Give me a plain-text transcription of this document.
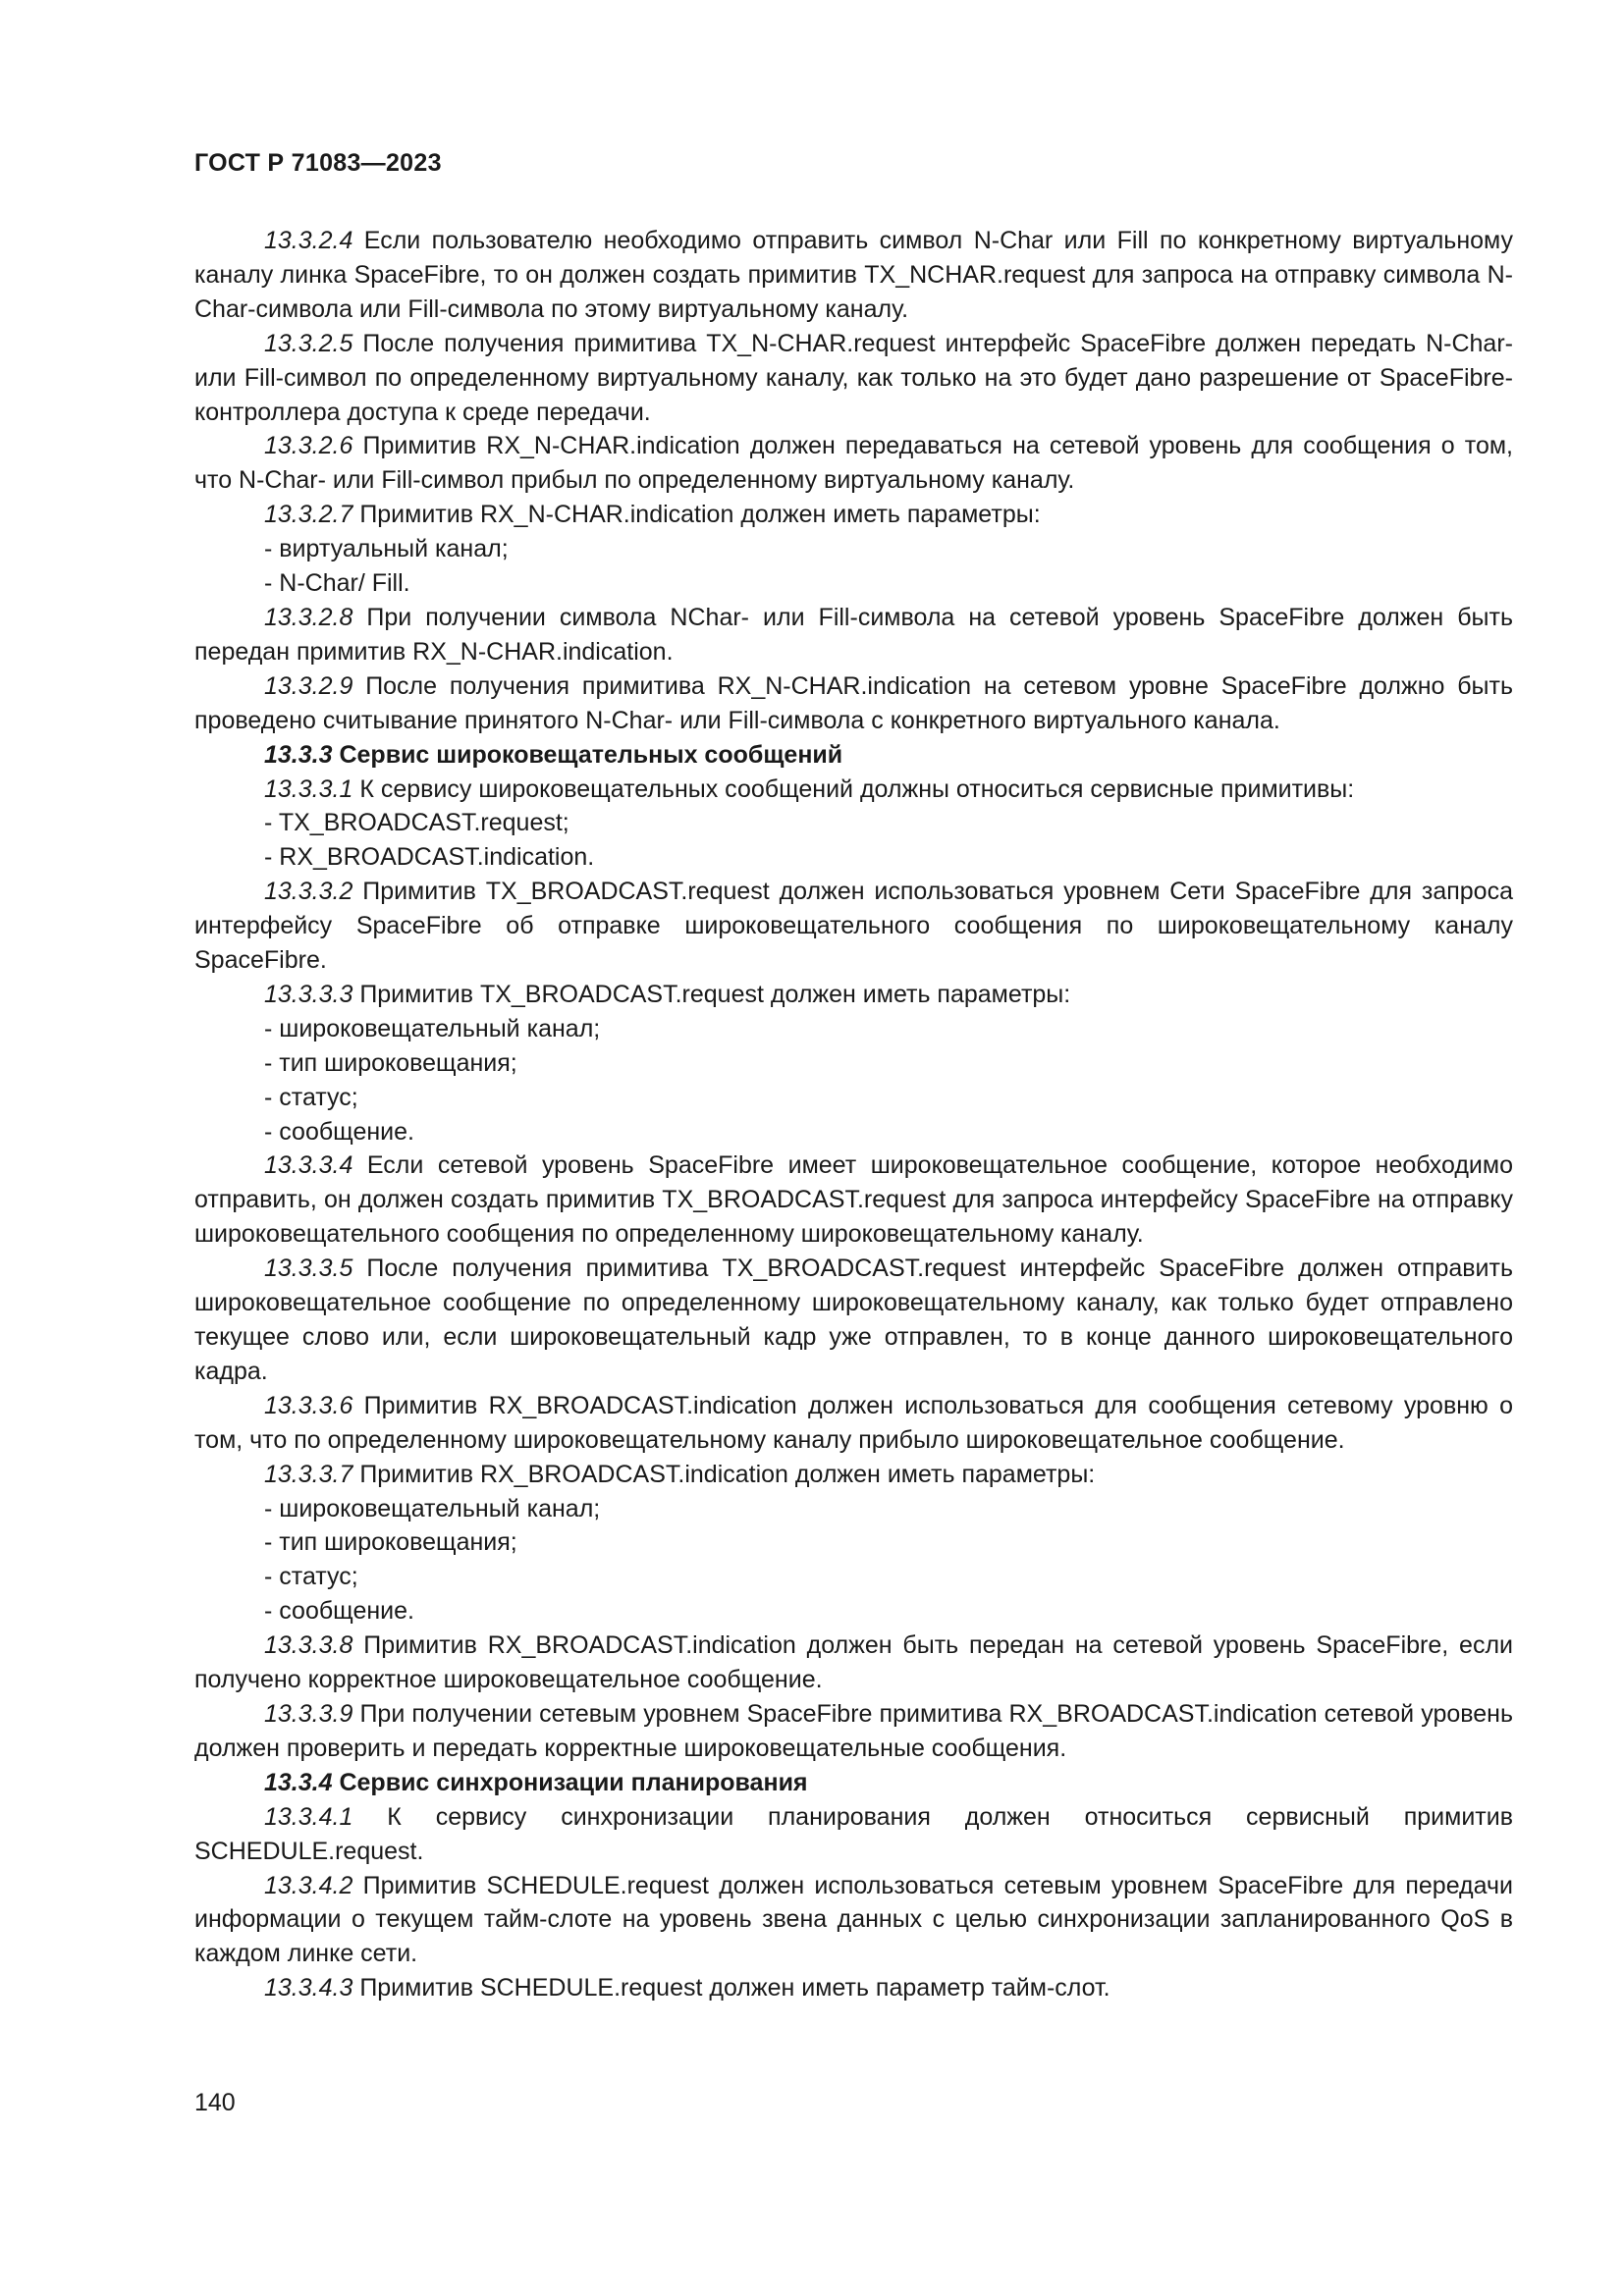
ГОСТ Р 71083—2023

13.3.2.4 Если пользователю необходимо отправить символ N-Char или Fill по конкретному виртуальному каналу линка SpaceFibre, то он должен создать примитив TX_NCHAR.request для запроса на отправку символа N-Char-символа или Fill-символа по этому виртуальному каналу.

13.3.2.5 После получения примитива TX_N-CHAR.request интерфейс SpaceFibre должен передать N-Char- или Fill-символ по определенному виртуальному каналу, как только на это будет дано разрешение от SpaceFibre-контроллера доступа к среде передачи.

13.3.2.6 Примитив RX_N-CHAR.indication должен передаваться на сетевой уровень для сообщения о том, что N-Char- или Fill-символ прибыл по определенному виртуальному каналу.

13.3.2.7 Примитив RX_N-CHAR.indication должен иметь параметры:

- виртуальный канал;

- N-Char/ Fill.

13.3.2.8 При получении символа NChar- или Fill-символа на сетевой уровень SpaceFibre должен быть передан примитив RX_N-CHAR.indication.

13.3.2.9 После получения примитива RX_N-CHAR.indication на сетевом уровне SpaceFibre должно быть проведено считывание принятого N-Char- или Fill-символа с конкретного виртуального канала.

13.3.3 Сервис широковещательных сообщений

13.3.3.1 К сервису широковещательных сообщений должны относиться сервисные примитивы:

- TX_BROADCAST.request;

- RX_BROADCAST.indication.

13.3.3.2 Примитив TX_BROADCAST.request должен использоваться уровнем Сети SpaceFibre для запроса интерфейсу SpaceFibre об отправке широковещательного сообщения по широковещательному каналу SpaceFibre.

13.3.3.3 Примитив TX_BROADCAST.request должен иметь параметры:

- широковещательный канал;

- тип широковещания;

- статус;

- сообщение.

13.3.3.4 Если сетевой уровень SpaceFibre имеет широковещательное сообщение, которое необходимо отправить, он должен создать примитив TX_BROADCAST.request для запроса интерфейсу SpaceFibre на отправку широковещательного сообщения по определенному широковещательному каналу.

13.3.3.5 После получения примитива TX_BROADCAST.request интерфейс SpaceFibre должен отправить широковещательное сообщение по определенному широковещательному каналу, как только будет отправлено текущее слово или, если широковещательный кадр уже отправлен, то в конце данного широковещательного кадра.

13.3.3.6 Примитив RX_BROADCAST.indication должен использоваться для сообщения сетевому уровню о том, что по определенному широковещательному каналу прибыло широковещательное сообщение.

13.3.3.7 Примитив RX_BROADCAST.indication должен иметь параметры:

- широковещательный канал;

- тип широковещания;

- статус;

- сообщение.

13.3.3.8 Примитив RX_BROADCAST.indication должен быть передан на сетевой уровень SpaceFibre, если получено корректное широковещательное сообщение.

13.3.3.9 При получении сетевым уровнем SpaceFibre примитива RX_BROADCAST.indication сетевой уровень должен проверить и передать корректные широковещательные сообщения.

13.3.4 Сервис синхронизации планирования

13.3.4.1 К сервису синхронизации планирования должен относиться сервисный примитив SCHEDULE.request.

13.3.4.2 Примитив SCHEDULE.request должен использоваться сетевым уровнем SpaceFibre для передачи информации о текущем тайм-слоте на уровень звена данных с целью синхронизации запланированного QoS в каждом линке сети.

13.3.4.3 Примитив SCHEDULE.request должен иметь параметр тайм-слот.

140
